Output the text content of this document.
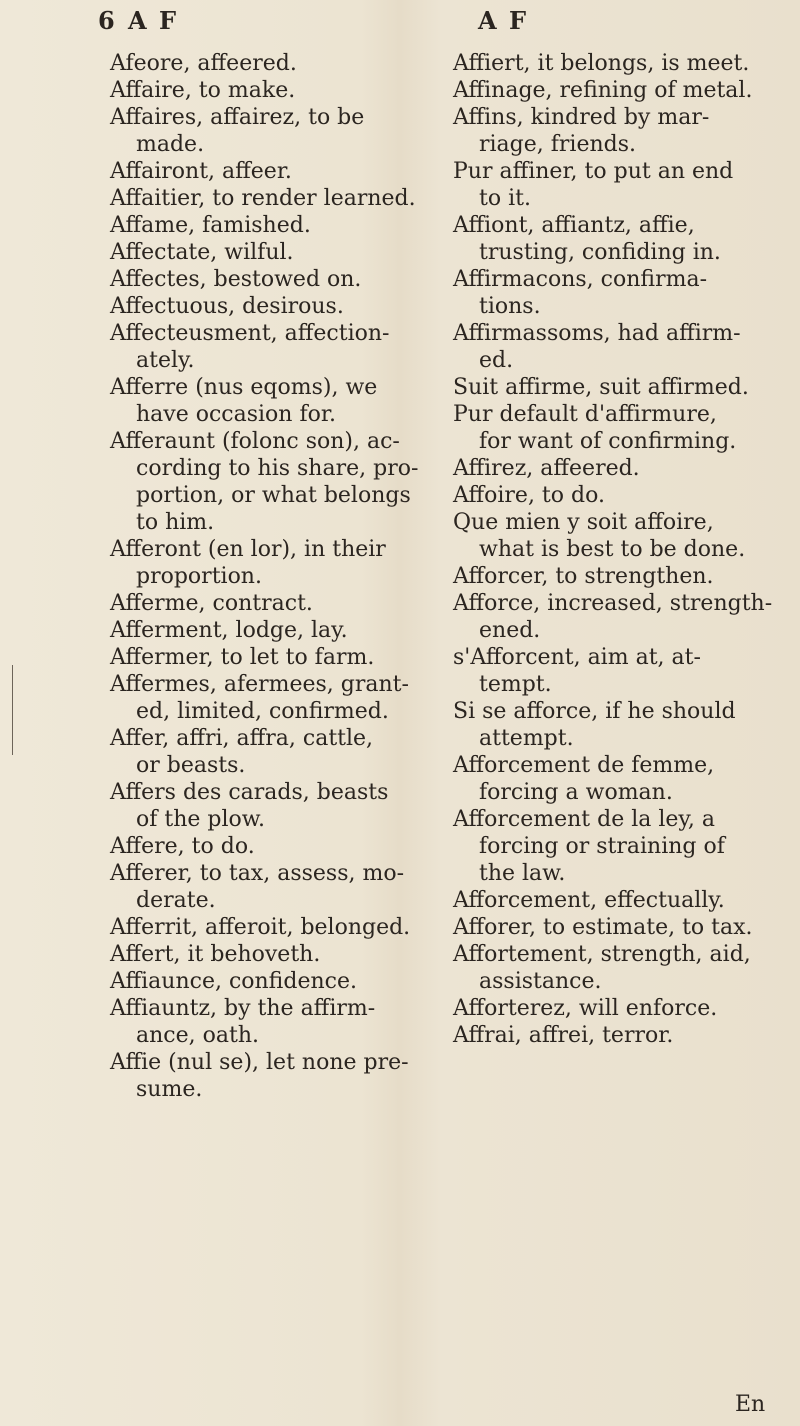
6 A F	A F
Afeore, affeered.
Affaire, to make.
Affaires, affairez, to be
made.
Affairont, affeer.
Affaitier, to render learned.
Affame, famished.
Affectate, wilful.
Affectes, bestowed on.
Affectuous, desirous.
Affecteusment, affection-
ately.
Afferre (nus eqoms), we
have occasion for.
Afferaunt (folonc son), ac-
cording to his share, pro-
portion, or what belongs
to him.
Afferont (en lor), in their
proportion.
Afferme, contract.
Afferment, lodge, lay.
Affermer, to let to farm.
Affermes, afermees, grant-
ed, limited, confirmed.
Affer, affri, affra, cattle,
or beasts.
Affers des carads, beasts
of the plow.
Affere, to do.
Afferer, to tax, assess, mo-
derate.
Afferrit, afferoit, belonged.
Affert, it behoveth.
Affiaunce, confidence.
Affiauntz, by the affirm-
ance, oath.
Affie (nul se), let none pre-
sume.
Affiert, it belongs, is meet.
Affinage, refining of metal.
Affins, kindred by mar-
riage, friends.
Pur affiner, to put an end
to it.
Affiont, affiantz, affie,
trusting, confiding in.
Affirmacons, confirma-
tions.
Affirmassoms, had affirm-
ed.
Suit affirme, suit affirmed.
Pur default d'affirmure,
for want of confirming.
Affirez, affeered.
Affoire, to do.
Que mien y soit affoire,
what is best to be done.
Afforcer, to strengthen.
Afforce, increased, strength-
ened.
s'Afforcent, aim at, at-
tempt.
Si se afforce, if he should
attempt.
Afforcement de femme,
forcing a woman.
Afforcement de la ley, a
forcing or straining of
the law.
Afforcement, effectually.
Afforer, to estimate, to tax.
Affortement, strength, aid,
assistance.
Afforterez, will enforce.
Affrai, affrei, terror.
En
